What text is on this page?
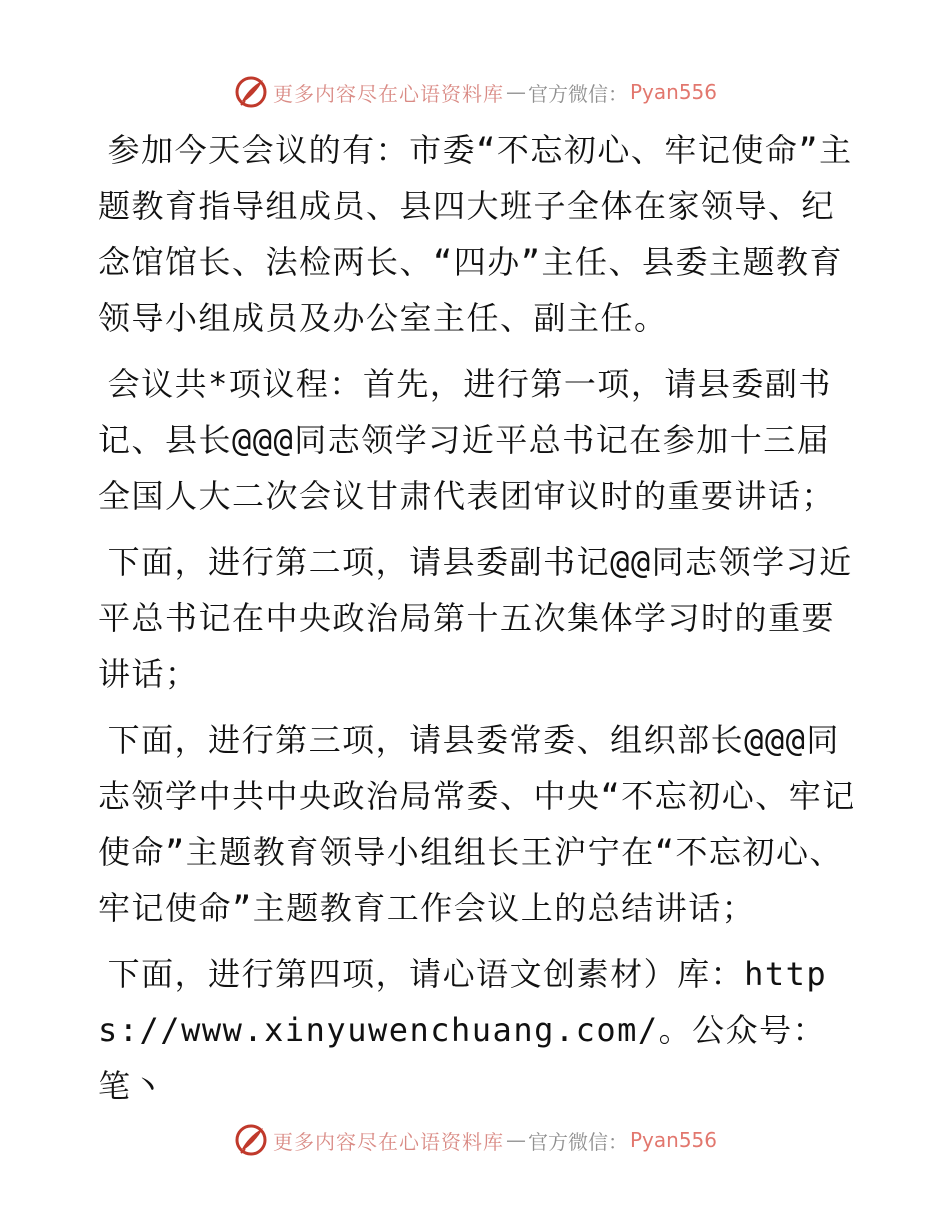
更多内容尽在心语资料库 — 官方微信： Pyan556

参加今天会议的有：市委“不忘初心、牢记使命”主题教育指导组成员、县四大班子全体在家领导、纪念馆馆长、法检两长、“四办”主任、县委主题教育领导小组成员及办公室主任、副主任。

会议共*项议程：首先，进行第一项，请县委副书记、县长@@@同志领学习近平总书记在参加十三届全国人大二次会议甘肃代表团审议时的重要讲话；

下面，进行第二项，请县委副书记@@同志领学习近平总书记在中央政治局第十五次集体学习时的重要讲话；

下面，进行第三项，请县委常委、组织部长@@@同志领学中共中央政治局常委、中央“不忘初心、牢记使命”主题教育领导小组组长王沪宁在“不忘初心、牢记使命”主题教育工作会议上的总结讲话；

下面，进行第四项，请心语文创素材）库：https://www.xinyuwenchuang.com/。公众号：笔丶

更多内容尽在心语资料库 — 官方微信： Pyan556
